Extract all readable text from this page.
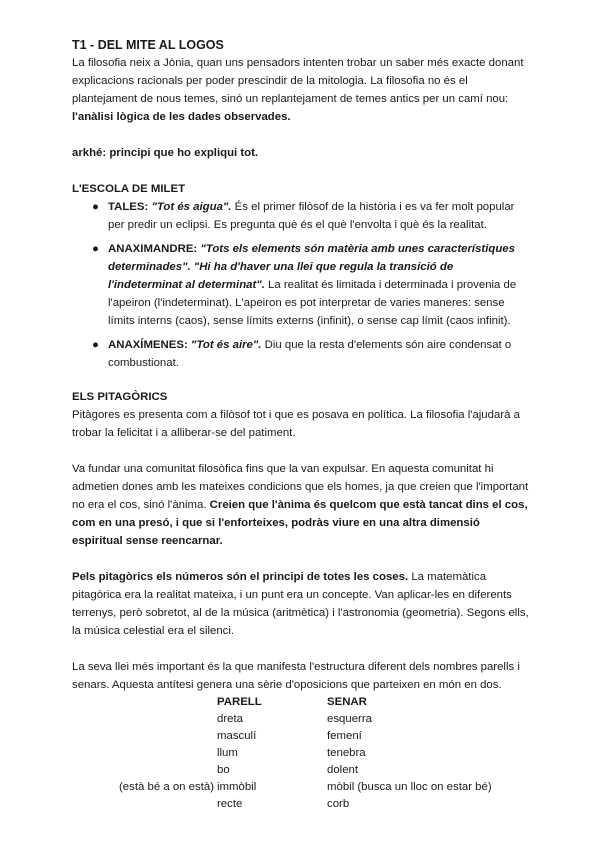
T1 - DEL MITE AL LOGOS

La filosofia neix a Jònia, quan uns pensadors intenten trobar un saber més exacte donant explicacions racionals per poder prescindir de la mitologia. La filosofia no és el plantejament de nous temes, sinó un replantejament de temes antics per un camí nou: l'anàlisi lògica de les dades observades.

arkhé: principi que ho expliqui tot.

L'ESCOLA DE MILET
● TALES: "Tot és aigua". És el primer filòsof de la història i es va fer molt popular per predir un eclipsi. Es pregunta què és el què l'envolta i què és la realitat.
● ANAXIMANDRE: "Tots els elements són matèria amb unes característiques determinades". "Hi ha d'haver una llei que regula la transició de l'indeterminat al determinat". La realitat és limitada i determinada i provenia de l'apeiron (l'indeterminat). L'apeiron es pot interpretar de varies maneres: sense límits interns (caos), sense límits externs (infinit), o sense cap límit (caos infinit).
● ANAXÍMENES: "Tot és aire". Diu que la resta d'elements són aire condensat o combustionat.
ELS PITAGÒRICS

Pitàgores es presenta com a filòsof tot i que es posava en política. La filosofia l'ajudarà a trobar la felicitat i a alliberar-se del patiment.

Va fundar una comunitat filosòfica fins que la van expulsar. En aquesta comunitat hi admetien dones amb les mateixes condicions que els homes, ja que creien que l'important no era el cos, sinó l'ànima. Creien que l'ànima és quelcom que està tancat dins el cos, com en una presó, i que si l'enforteixes, podràs viure en una altra dimensió espiritual sense reencarnar.

Pels pitagòrics els números són el principi de totes les coses. La matemàtica pitagòrica era la realitat mateixa, i un punt era un concepte. Van aplicar-les en diferents terrenys, però sobretot, al de la música (aritmètica) i l'astronomia (geometria). Segons ells, la música celestial era el silenci.

La seva llei més important és la que manifesta l'estructura diferent dels nombres parells i senars. Aquesta antítesi genera una sèrie d'oposicions que parteixen en món en dos.

PARELL	SENAR
dreta	esquerra
masculí	femení
llum	tenebra
bo	dolent
(està bé a on està) immòbil	mòbil (busca un lloc on estar bé)
recte	corb
